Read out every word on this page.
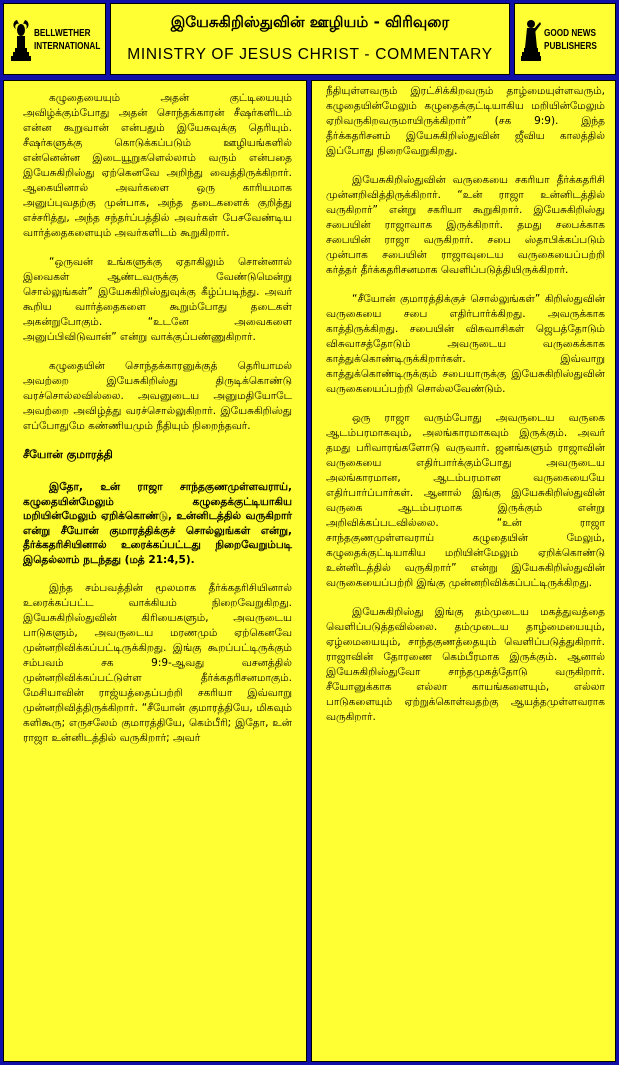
BELLWETHER
INTERNATIONAL
இயேசுகிறிஸ்துவின் ஊழியம் - விரிவுரை
MINISTRY OF JESUS CHRIST - COMMENTARY
GOOD NEWS
PUBLISHERS

கழுதையையும் அதன் குட்டியையும் அவிழ்க்கும்போது அதன் சொந்தக்காரன் சீஷர்களிடம் என்ன கூறுவான் என்பதும் இயேசுவுக்கு தெரியும். சீஷர்களுக்கு கொடுக்கப்படும் ஊழியங்களில் என்னென்ன இடையூறுகளெல்லாம் வரும் என்பதை இயேசுகிறிஸ்து ஏற்கெனவே அறிந்து வைத்திருக்கிறார். ஆகையினால் அவர்களை ஒரு காரியமாக அனுப்புவதற்கு முன்பாக, அந்த தடைகளைக் குறித்து எச்சரித்து, அந்த சந்தர்ப்பத்தில் அவர்கள் பேசவேண்டிய வார்த்தைகளையும் அவர்களிடம் கூறுகிறார்.

“ஒருவன் உங்களுக்கு ஏதாகிலும் சொன்னால் இவைகள் ஆண்டவருக்கு வேண்டுமென்று சொல்லுங்கள்” இயேசுகிறிஸ்துவுக்கு கீழ்ப்படிந்து. அவர் கூறிய வார்த்தைகளை கூறும்போது தடைகள் அகன்றுபோகும். “உடனே அவைகளை அனுப்பிவிடுவான்” என்று வாக்குப்பண்ணுகிறார்.

கழுதையின் சொந்தக்காரனுக்குத் தெரியாமல் அவற்றை இயேசுகிறிஸ்து திருடிக்கொண்டு வரச்சொல்லவில்லை. அவனுடைய அனுமதியோடே அவற்றை அவிழ்த்து வரச்சொல்லுகிறார். இயேசுகிறிஸ்து எப்போதுமே கண்ணியமும் நீதியும் நிறைந்தவர்.

சீயோன் குமாரத்தி

இதோ, உன் ராஜா சாந்தகுணமுள்ளவராய், கழுதையின்மேலும் கழுதைக்குட்டியாகிய மறியின்மேலும் ஏறிக்கொண்டு, உன்னிடத்தில் வருகிறார் என்று சீயோன் குமாரத்திக்குச் சொல்லுங்கள் என்று, தீர்க்கதரிசியினால் உரைக்கப்பட்டது நிறைவேறும்படி இதெல்லாம் நடந்தது (மத் 21:4,5).

இந்த சம்பவத்தின் மூலமாக தீர்க்கதரிசியினால் உரைக்கப்பட்ட வாக்கியம் நிறைவேறுகிறது. இயேசுகிறிஸ்துவின் கிரியைகளும், அவருடைய பாடுகளும், அவருடைய மரணமும் ஏற்கெனவே முன்னறிவிக்கப்பட்டிருக்கிறது. இங்கு கூறப்பட்டிருக்கும் சம்பவம் சக 9:9-ஆவது வசனத்தில் முன்னறிவிக்கப்பட்டுள்ள தீர்க்கதரிசனமாகும். மேசியாவின் ராஜ்யத்தைப்பற்றி சகரியா இவ்வாறு முன்னறிவித்திருக்கிறார். “சீயோன் குமாரத்தியே, மிகவும் களிகூரு; எருசலேம் குமாரத்தியே, கெம்பீரி; இதோ, உன் ராஜா உன்னிடத்தில் வருகிறார்; அவர்

நீதியுள்ளவரும் இரட்சிக்கிறவரும் தாழ்மையுள்ளவரும், கழுதையின்மேலும் கழுதைக்குட்டியாகிய மறியின்மேலும் ஏறிவருகிறவருமாயிருக்கிறார்” (சக 9:9). இந்த தீர்க்கதரிசனம் இயேசுகிறிஸ்துவின் ஜீவிய காலத்தில் இப்போது நிறைவேறுகிறது.

இயேசுகிறிஸ்துவின் வருகையை சகரியா தீர்க்கதரிசி முன்னறிவித்திருக்கிறார். “உன் ராஜா உன்னிடத்தில் வருகிறார்” என்று சகரியா கூறுகிறார். இயேசுகிறிஸ்து சபையின் ராஜாவாக இருக்கிறார். தமது சபைக்காக சபையின் ராஜா வருகிறார். சபை ஸ்தாபிக்கப்படும் முன்பாக சபையின் ராஜாவுடைய வருகையைப்பற்றி கர்த்தர் தீர்க்கதரிசனமாக வெளிப்படுத்தியிருக்கிறார்.

“சீயோன் குமாரத்திக்குச் சொல்லுங்கள்” கிறிஸ்துவின் வருகையை சபை எதிர்பார்க்கிறது. அவருக்காக காத்திருக்கிறது. சபையின் விசுவாசிகள் ஜெபத்தோடும் விசுவாசத்தோடும் அவருடைய வருகைக்காக காத்துக்கொண்டிருக்கிறார்கள். இவ்வாறு காத்துக்கொண்டிருக்கும் சபையாருக்கு இயேசுகிறிஸ்துவின் வருகையைப்பற்றி சொல்லவேண்டும்.

ஒரு ராஜா வரும்போது அவருடைய வருகை ஆடம்பரமாகவும், அலங்காரமாகவும் இருக்கும். அவர் தமது பரிவாரங்களோடு வருவார். ஜனங்களும் ராஜாவின் வருகையை எதிர்பார்க்கும்போது அவருடைய அலங்காரமான, ஆடம்பரமான வருகையையே எதிர்பார்ப்பார்கள். ஆனால் இங்கு இயேசுகிறிஸ்துவின் வருகை ஆடம்பரமாக இருக்கும் என்று அறிவிக்கப்படவில்லை. “உன் ராஜா சாந்தகுணமுள்ளவராய் கழுதையின் மேலும், கழுதைக்குட்டியாகிய மறியின்மேலும் ஏறிக்கொண்டு உன்னிடத்தில் வருகிறார்” என்று இயேசுகிறிஸ்துவின் வருகையைப்பற்றி இங்கு முன்னறிவிக்கப்பட்டிருக்கிறது.

இயேசுகிறிஸ்து இங்கு தம்முடைய மகத்துவத்தை வெளிப்படுத்தவில்லை. தம்முடைய தாழ்மையையும், ஏழ்மையையும், சாந்தகுணத்தையும் வெளிப்படுத்துகிறார். ராஜாவின் தோரணை கெம்பீரமாக இருக்கும். ஆனால் இயேசுகிறிஸ்துவோ சாந்தமுகத்தோடு வருகிறார். சீயோனுக்காக எல்லா காயங்களையும், எல்லா பாடுகளையும் ஏற்றுக்கொள்வதற்கு ஆயத்தமுள்ளவராக வருகிறார்.
